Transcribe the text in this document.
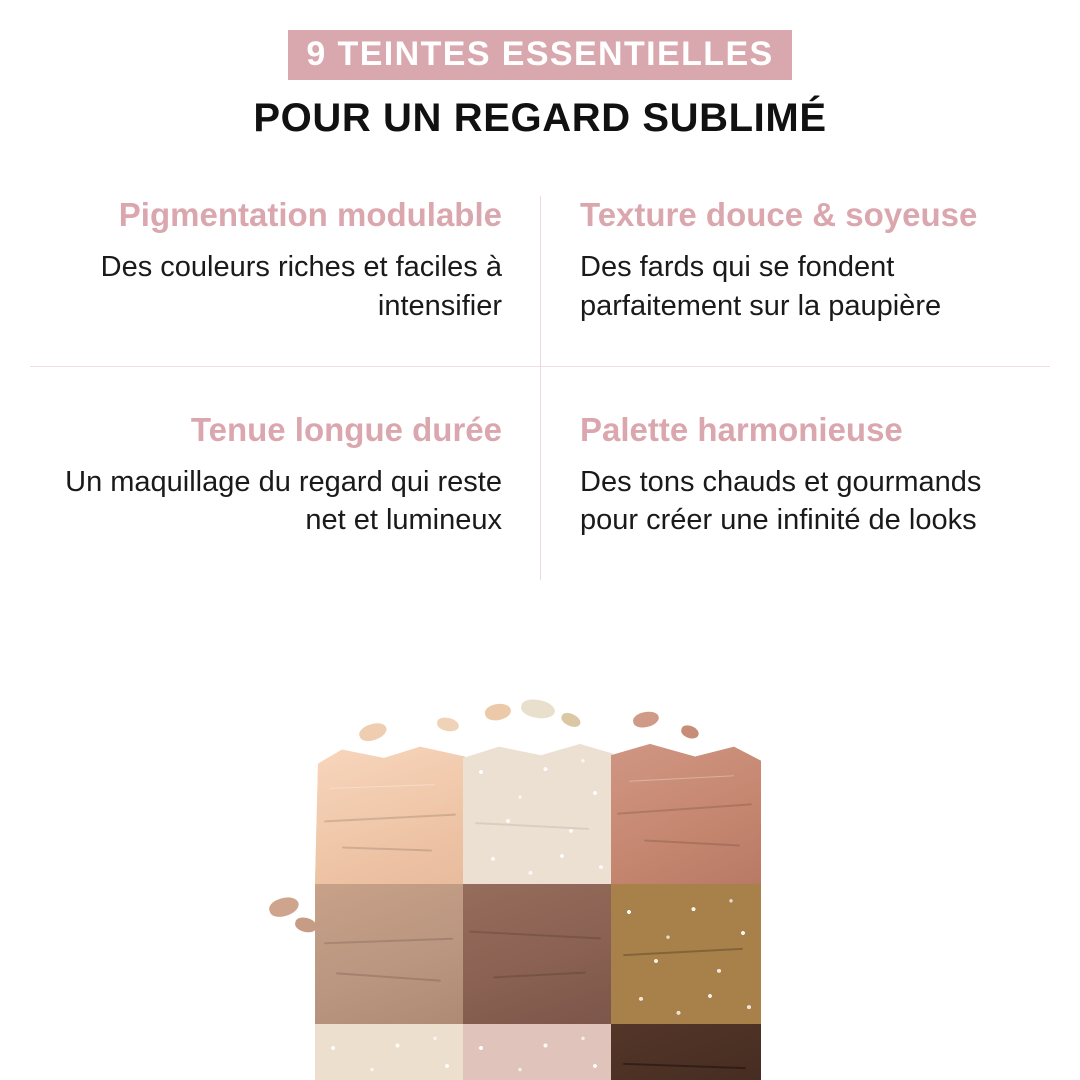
9 TEINTES ESSENTIELLES
POUR UN REGARD SUBLIMÉ
Pigmentation modulable
Des couleurs riches et faciles à intensifier
Texture douce & soyeuse
Des fards qui se fondent parfaitement sur la paupière
Tenue longue durée
Un maquillage du regard qui reste net et lumineux
Palette harmonieuse
Des tons chauds et gourmands pour créer une infinité de looks
